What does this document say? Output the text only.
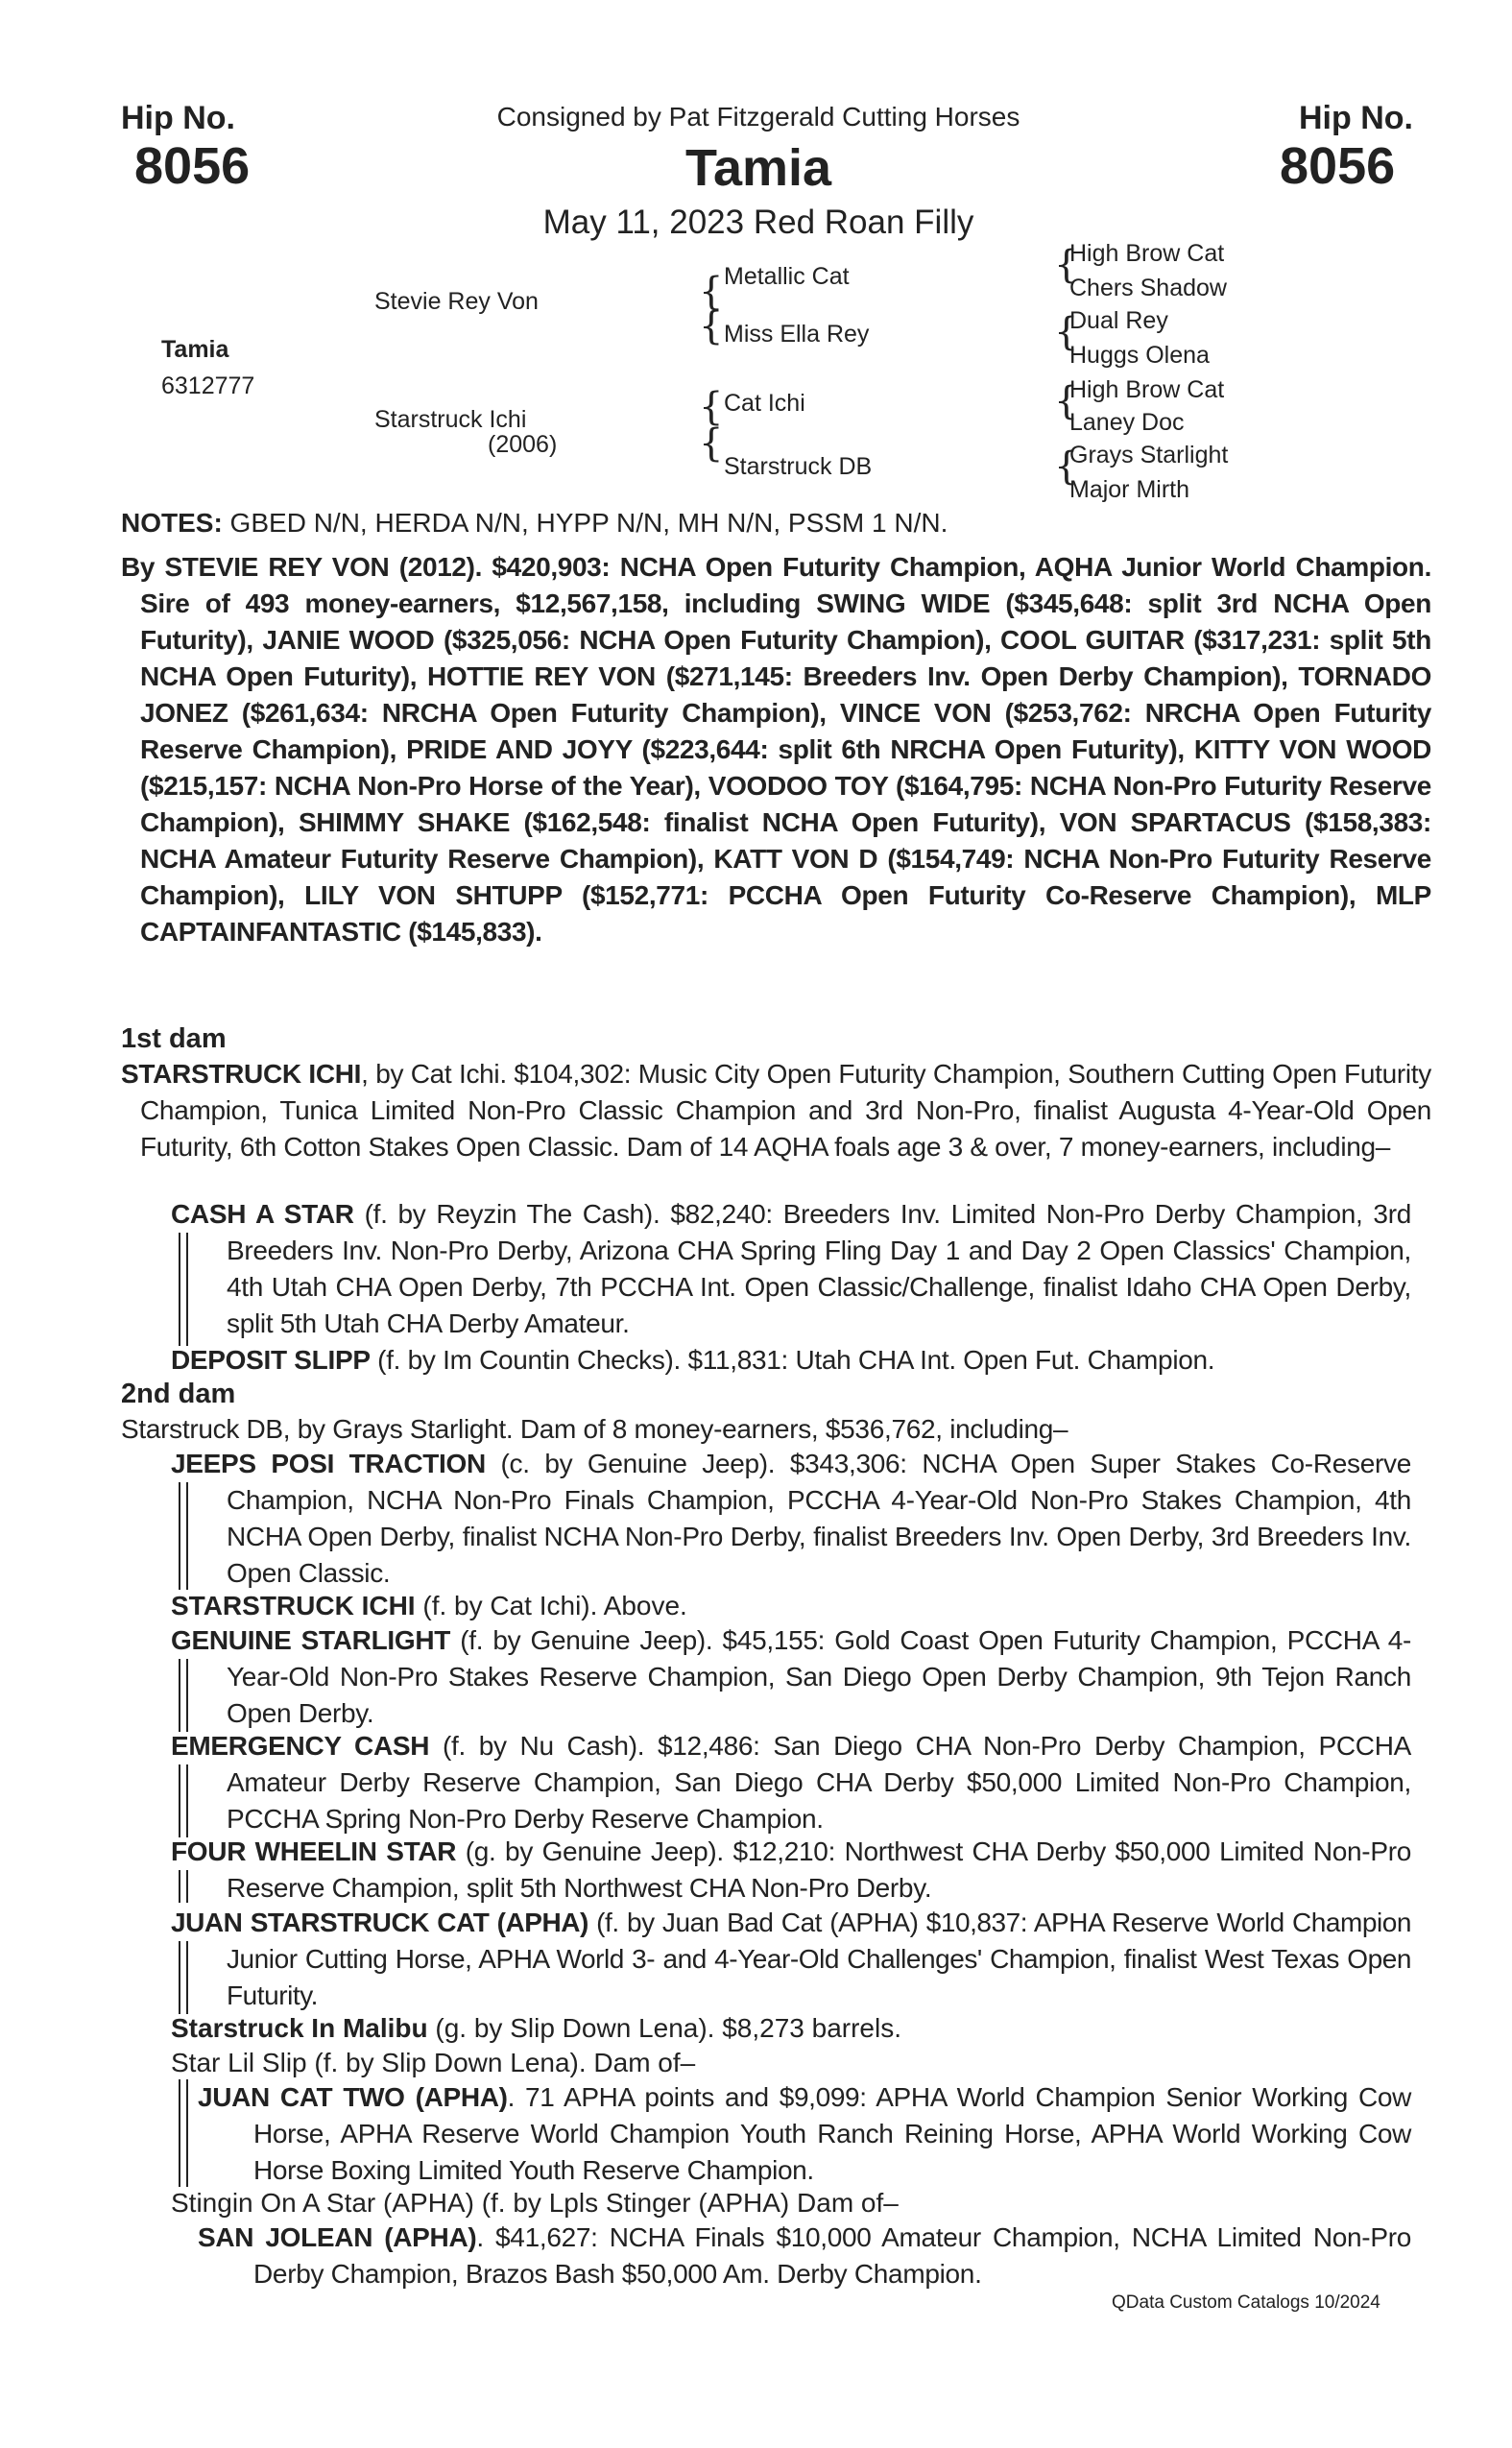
Hip No.
8056
Hip No.
8056
Consigned by Pat Fitzgerald Cutting Horses
Tamia
May 11, 2023 Red Roan Filly
Tamia
6312777
Stevie Rey Von
Starstruck Ichi
(2006)
{
{
Metallic Cat
Miss Ella Rey
{
{
Cat Ichi
Starstruck DB
{
High Brow Cat
Chers Shadow
{
Dual Rey
Huggs Olena
{
High Brow Cat
Laney Doc
{
Grays Starlight
Major Mirth
NOTES: GBED N/N, HERDA N/N, HYPP N/N, MH N/N, PSSM 1 N/N.
By STEVIE REY VON (2012). $420,903: NCHA Open Futurity Champion, AQHA Junior World Champion. Sire of 493 money-earners, $12,567,158, including SWING WIDE ($345,648: split 3rd NCHA Open Futurity), JANIE WOOD ($325,056: NCHA Open Futurity Champion), COOL GUITAR ($317,231: split 5th NCHA Open Futurity), HOTTIE REY VON ($271,145: Breeders Inv. Open Derby Champion), TORNADO JONEZ ($261,634: NRCHA Open Futurity Champion), VINCE VON ($253,762: NRCHA Open Futurity Reserve Champion), PRIDE AND JOYY ($223,644: split 6th NRCHA Open Futurity), KITTY VON WOOD ($215,157: NCHA Non-Pro Horse of the Year), VOODOO TOY ($164,795: NCHA Non-Pro Futurity Reserve Champion), SHIMMY SHAKE ($162,548: finalist NCHA Open Futurity), VON SPARTACUS ($158,383: NCHA Amateur Futurity Reserve Champion), KATT VON D ($154,749: NCHA Non-Pro Futurity Reserve Champion), LILY VON SHTUPP ($152,771: PCCHA Open Futurity Co-Reserve Champion), MLP CAPTAINFANTASTIC ($145,833).
1st dam
STARSTRUCK ICHI, by Cat Ichi. $104,302: Music City Open Futurity Champion, Southern Cutting Open Futurity Champion, Tunica Limited Non-Pro Classic Champion and 3rd Non-Pro, finalist Augusta 4-Year-Old Open Futurity, 6th Cotton Stakes Open Classic. Dam of 14 AQHA foals age 3 & over, 7 money-earners, including–
CASH A STAR (f. by Reyzin The Cash). $82,240: Breeders Inv. Limited Non-Pro Derby Champion, 3rd Breeders Inv. Non-Pro Derby, Arizona CHA Spring Fling Day 1 and Day 2 Open Classics' Champion, 4th Utah CHA Open Derby, 7th PCCHA Int. Open Classic/Challenge, finalist Idaho CHA Open Derby, split 5th Utah CHA Derby Amateur.
DEPOSIT SLIPP (f. by Im Countin Checks). $11,831: Utah CHA Int. Open Fut. Champion.
2nd dam
Starstruck DB, by Grays Starlight. Dam of 8 money-earners, $536,762, including–
JEEPS POSI TRACTION (c. by Genuine Jeep). $343,306: NCHA Open Super Stakes Co-Reserve Champion, NCHA Non-Pro Finals Champion, PCCHA 4-Year-Old Non-Pro Stakes Champion, 4th NCHA Open Derby, finalist NCHA Non-Pro Derby, finalist Breeders Inv. Open Derby, 3rd Breeders Inv. Open Classic.
STARSTRUCK ICHI (f. by Cat Ichi). Above.
GENUINE STARLIGHT (f. by Genuine Jeep). $45,155: Gold Coast Open Futurity Champion, PCCHA 4-Year-Old Non-Pro Stakes Reserve Champion, San Diego Open Derby Champion, 9th Tejon Ranch Open Derby.
EMERGENCY CASH (f. by Nu Cash). $12,486: San Diego CHA Non-Pro Derby Champion, PCCHA Amateur Derby Reserve Champion, San Diego CHA Derby $50,000 Limited Non-Pro Champion, PCCHA Spring Non-Pro Derby Reserve Champion.
FOUR WHEELIN STAR (g. by Genuine Jeep). $12,210: Northwest CHA Derby $50,000 Limited Non-Pro Reserve Champion, split 5th Northwest CHA Non-Pro Derby.
JUAN STARSTRUCK CAT (APHA) (f. by Juan Bad Cat (APHA) $10,837: APHA Reserve World Champion Junior Cutting Horse, APHA World 3- and 4-Year-Old Challenges' Champion, finalist West Texas Open Futurity.
Starstruck In Malibu (g. by Slip Down Lena). $8,273 barrels.
Star Lil Slip (f. by Slip Down Lena). Dam of–
JUAN CAT TWO (APHA). 71 APHA points and $9,099: APHA World Champion Senior Working Cow Horse, APHA Reserve World Champion Youth Ranch Reining Horse, APHA World Working Cow Horse Boxing Limited Youth Reserve Champion.
Stingin On A Star (APHA) (f. by Lpls Stinger (APHA) Dam of–
SAN JOLEAN (APHA). $41,627: NCHA Finals $10,000 Amateur Champion, NCHA Limited Non-Pro Derby Champion, Brazos Bash $50,000 Am. Derby Champion.
QData Custom Catalogs 10/2024
